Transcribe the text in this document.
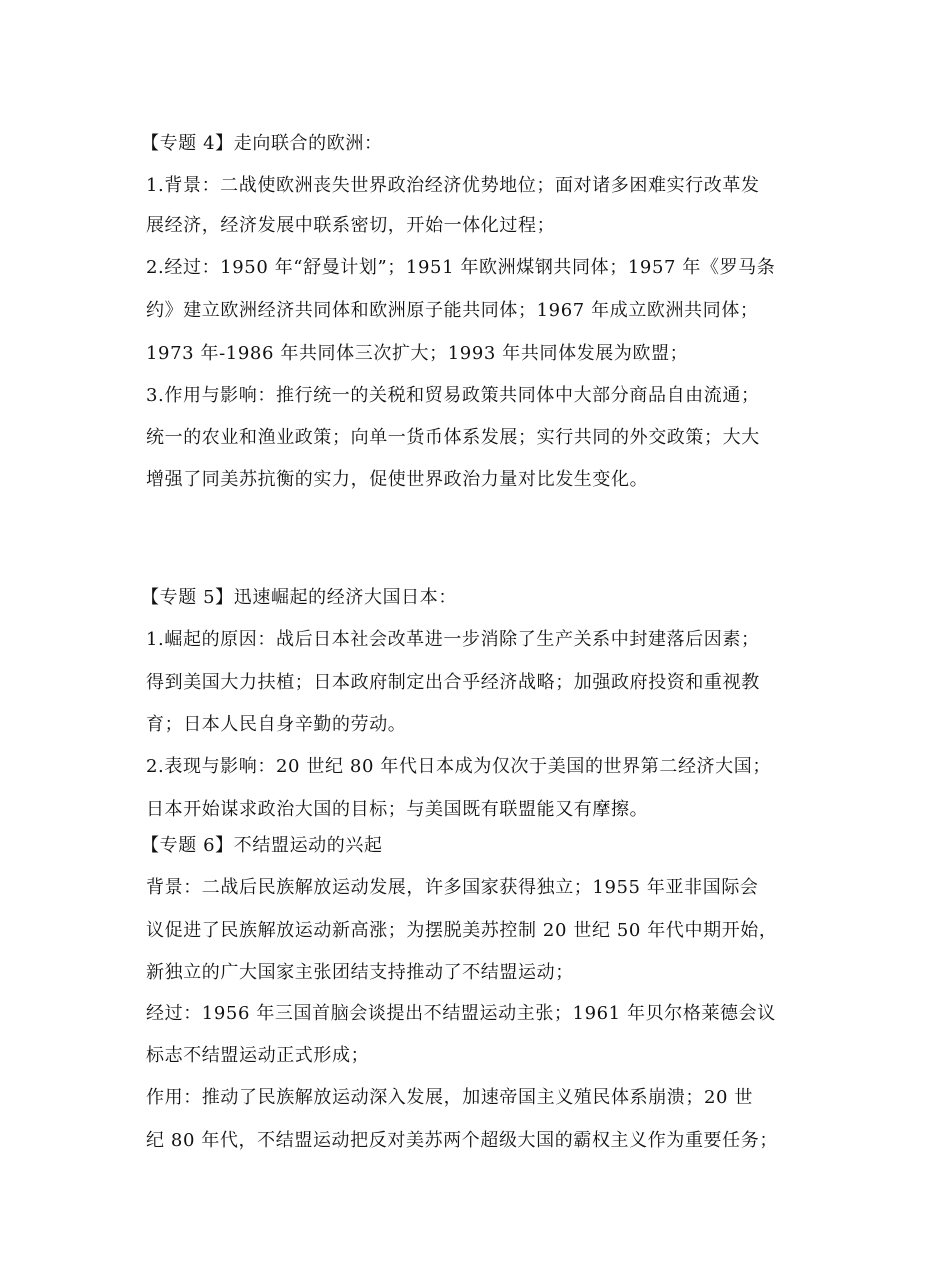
【专题 4】走向联合的欧洲：
1.背景：二战使欧洲丧失世界政治经济优势地位；面对诸多困难实行改革发
展经济，经济发展中联系密切，开始一体化过程；
2.经过：1950 年“舒曼计划”；1951 年欧洲煤钢共同体；1957 年《罗马条
约》建立欧洲经济共同体和欧洲原子能共同体；1967 年成立欧洲共同体；
1973 年-1986 年共同体三次扩大；1993 年共同体发展为欧盟；
3.作用与影响：推行统一的关税和贸易政策共同体中大部分商品自由流通；
统一的农业和渔业政策；向单一货币体系发展；实行共同的外交政策；大大
增强了同美苏抗衡的实力，促使世界政治力量对比发生变化。
【专题 5】迅速崛起的经济大国日本：
1.崛起的原因：战后日本社会改革进一步消除了生产关系中封建落后因素；
得到美国大力扶植；日本政府制定出合乎经济战略；加强政府投资和重视教
育；日本人民自身辛勤的劳动。
2.表现与影响：20 世纪 80 年代日本成为仅次于美国的世界第二经济大国；
日本开始谋求政治大国的目标；与美国既有联盟能又有摩擦。
【专题 6】不结盟运动的兴起
背景：二战后民族解放运动发展，许多国家获得独立；1955 年亚非国际会
议促进了民族解放运动新高涨；为摆脱美苏控制 20 世纪 50 年代中期开始，
新独立的广大国家主张团结支持推动了不结盟运动；
经过：1956 年三国首脑会谈提出不结盟运动主张；1961 年贝尔格莱德会议
标志不结盟运动正式形成；
作用：推动了民族解放运动深入发展，加速帝国主义殖民体系崩溃；20 世
纪 80 年代，不结盟运动把反对美苏两个超级大国的霸权主义作为重要任务；
